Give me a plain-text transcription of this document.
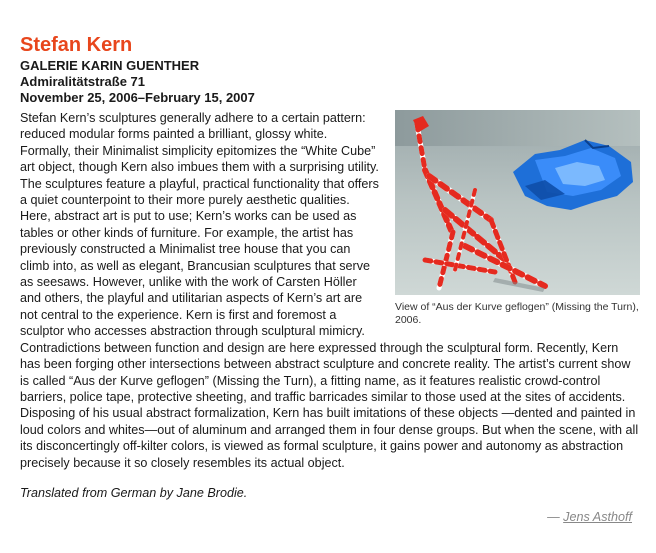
Stefan Kern
GALERIE KARIN GUENTHER
Admiralitätstraße 71
November 25, 2006–February 15, 2007
View of “Aus der Kurve geflogen” (Missing the Turn), 2006.

Stefan Kern’s sculptures generally adhere to a certain pattern: reduced modular forms painted a brilliant, glossy white. Formally, their Minimalist simplicity epitomizes the “White Cube” art object, though Kern also imbues them with a surprising utility. The sculptures feature a playful, practical functionality that offers a quiet counterpoint to their more purely aesthetic qualities. Here, abstract art is put to use; Kern’s works can be used as tables or other kinds of furniture. For example, the artist has previously constructed a Minimalist tree house that you can climb into, as well as elegant, Brancusian sculptures that serve as seesaws. However, unlike with the work of Carsten Höller and others, the playful and utilitarian aspects of Kern’s art are not central to the experience. Kern is first and foremost a sculptor who accesses abstraction through sculptural mimicry.

Contradictions between function and design are here expressed through the sculptural form. Recently, Kern has been forging other intersections between abstract sculpture and concrete reality. The artist’s current show is called “Aus der Kurve geflogen” (Missing the Turn), a fitting name, as it features realistic crowd-control barriers, police tape, protective sheeting, and traffic barricades similar to those used at the sites of accidents. Disposing of his usual abstract formalization, Kern has built imitations of these objects —dented and painted in loud colors and whites—out of aluminum and arranged them in four dense groups. But when the scene, with all its disconcertingly off-kilter colors, is viewed as formal sculpture, it gains power and autonomy as abstraction precisely because it so closely resembles its actual object.

Translated from German by Jane Brodie.
— Jens Asthoff
